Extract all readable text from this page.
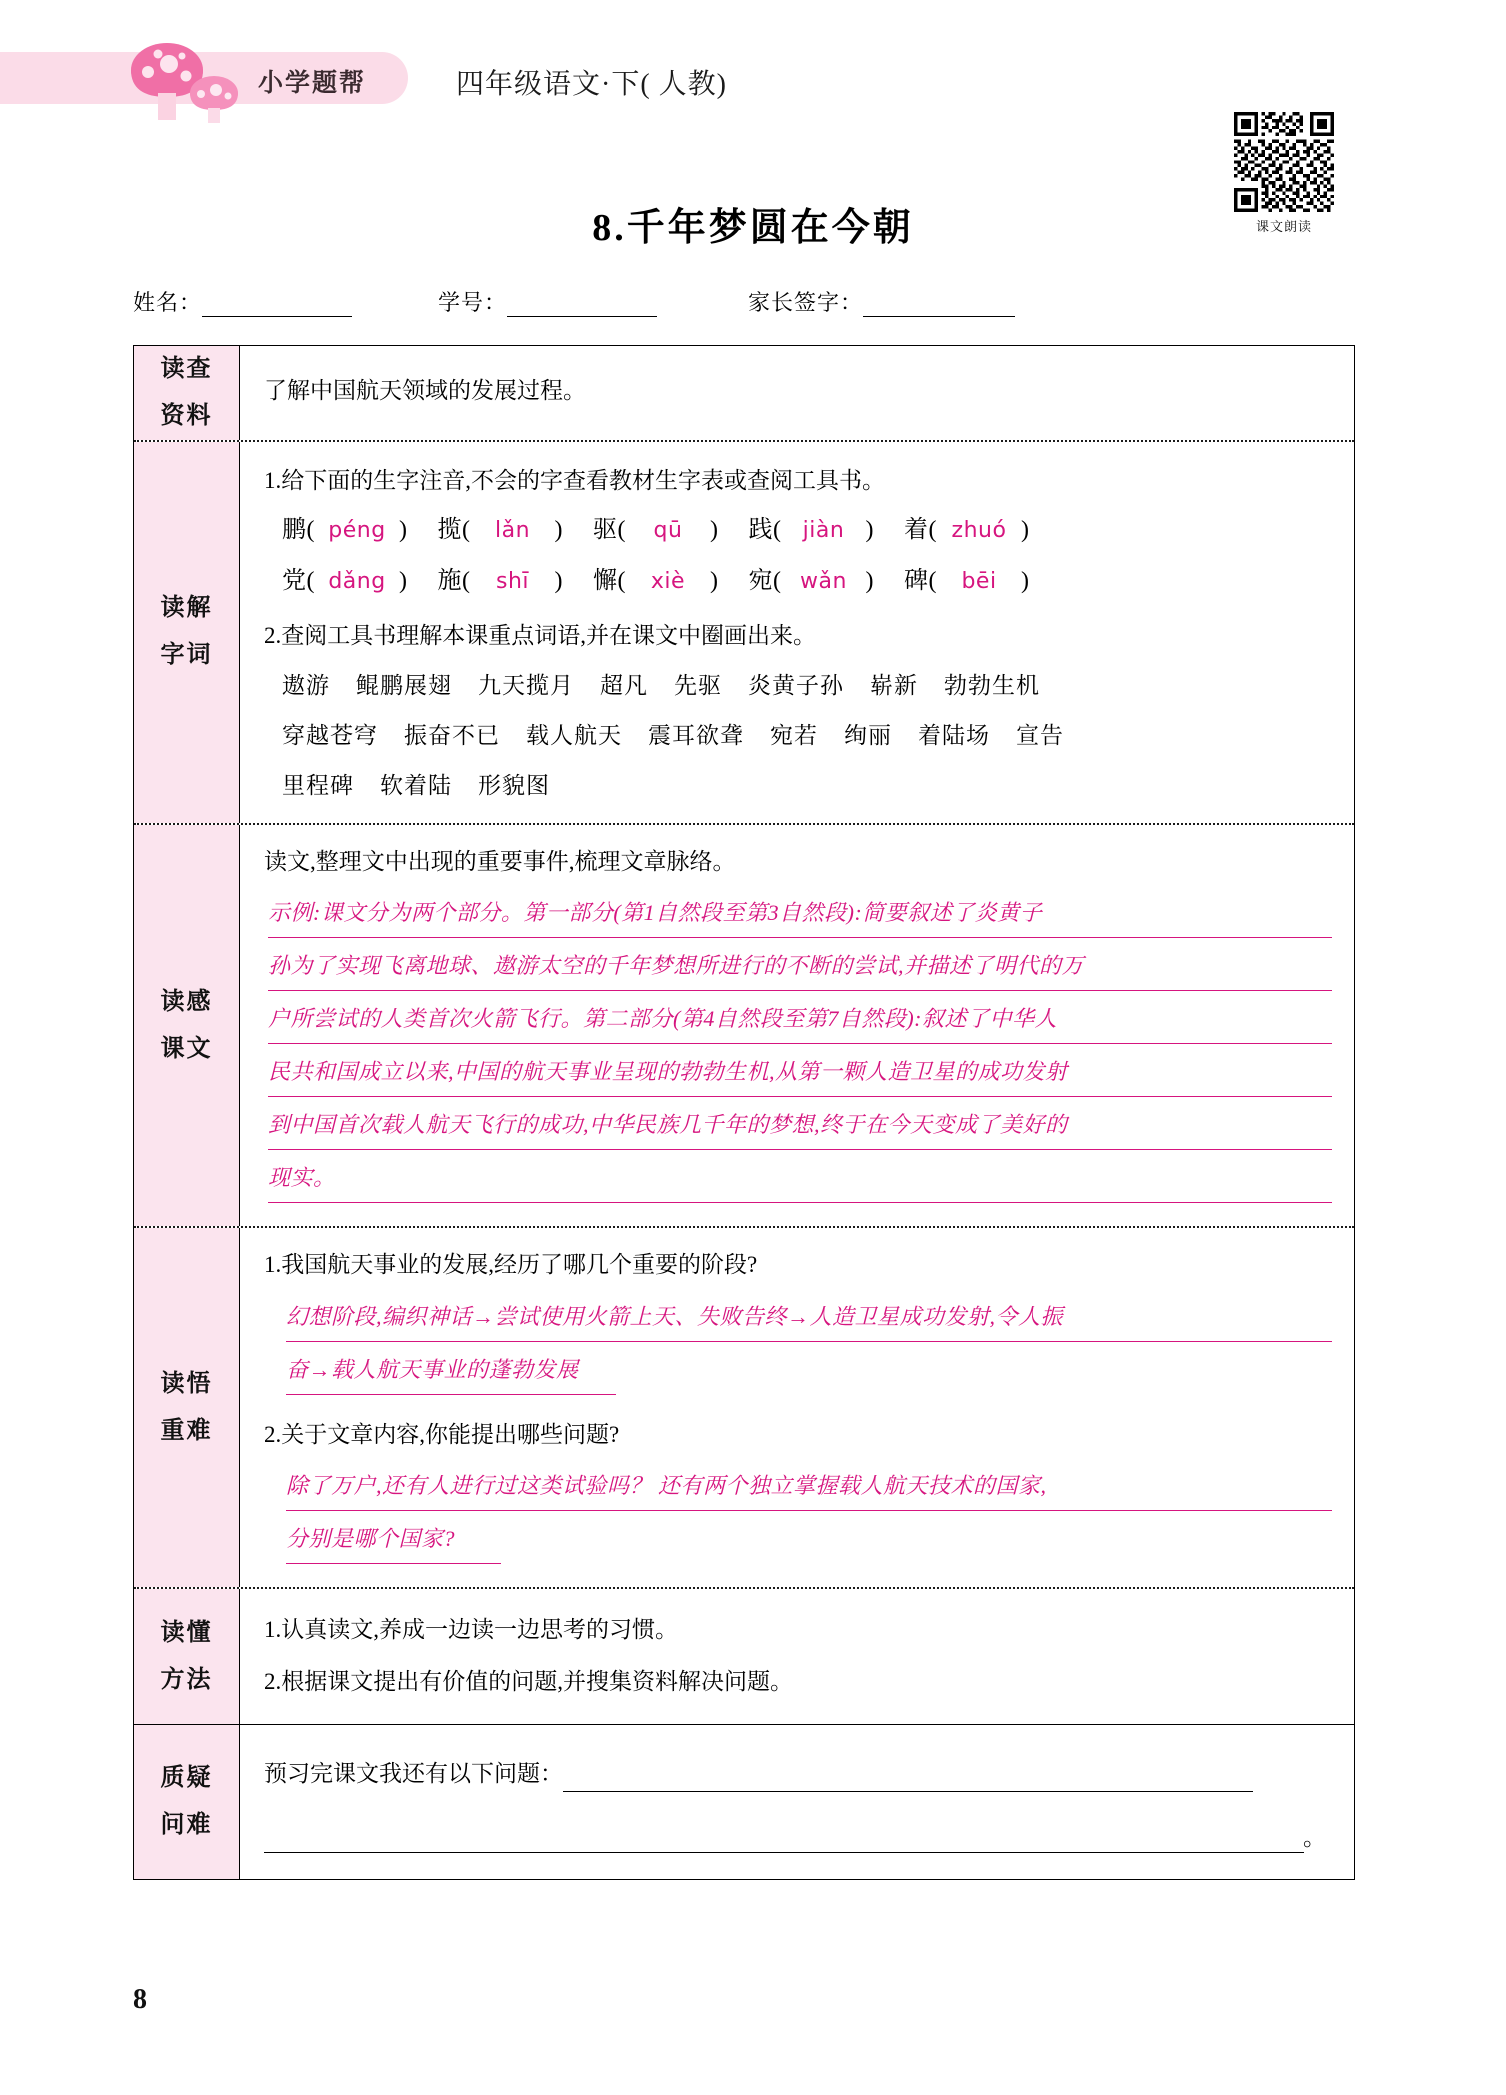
小学题帮	四年级语文·下( 人教)
课文朗读
8.千年梦圆在今朝
姓名：	学号：	家长签字：
读查
资料
了解中国航天领域的发展过程。
读解
字词
1.给下面的生字注音,不会的字查看教材生字表或查阅工具书。
鹏 ( péng ) 揽 (	lǎn	) 驱 (	qū	) 践 ( jiàn ) 着 ( zhuó )
党 ( dǎng ) 施 (	shī	) 懈 (	xiè	) 宛 ( wǎn ) 碑 (	bēi	)
2.查阅工具书理解本课重点词语,并在课文中圈画出来。
遨游 鲲鹏展翅 九天揽月 超凡 先驱 炎黄子孙 崭新 勃勃生机
穿越苍穹 振奋不已 载人航天 震耳欲聋 宛若 绚丽 着陆场 宣告
里程碑 软着陆 形貌图
读感
课文
读文,整理文中出现的重要事件,梳理文章脉络。
示例:课文分为两个部分。第一部分(第1自然段至第3自然段):简要叙述了炎黄子
孙为了实现飞离地球、遨游太空的千年梦想所进行的不断的尝试,并描述了明代的万
户所尝试的人类首次火箭飞行。第二部分(第4自然段至第7自然段):叙述了中华人
民共和国成立以来,中国的航天事业呈现的勃勃生机,从第一颗人造卫星的成功发射
到中国首次载人航天飞行的成功,中华民族几千年的梦想,终于在今天变成了美好的
现实。
读悟
重难
1.我国航天事业的发展,经历了哪几个重要的阶段?
幻想阶段,编织神话→尝试使用火箭上天、失败告终→人造卫星成功发射,令人振
奋→载人航天事业的蓬勃发展
2.关于文章内容,你能提出哪些问题?
除了万户,还有人进行过这类试验吗？ 还有两个独立掌握载人航天技术的国家,
分别是哪个国家?
读懂
方法
1.认真读文,养成一边读一边思考的习惯。
2.根据课文提出有价值的问题,并搜集资料解决问题。
质疑
问难
预习完课文我还有以下问题：
。
8
